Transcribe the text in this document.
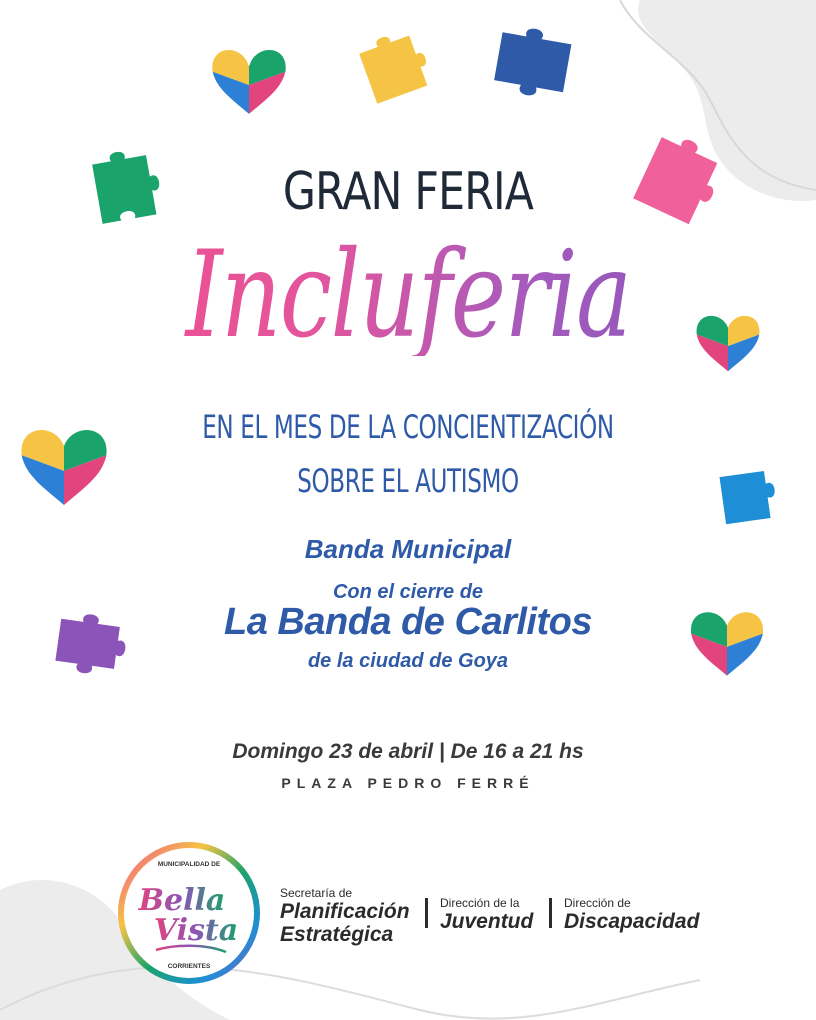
GRAN FERIA
Incluferia
EN EL MES DE LA CONCIENTIZACIÓN
SOBRE EL AUTISMO
Banda Municipal
Con el cierre de
La Banda de Carlitos
de la ciudad de Goya
Domingo 23 de abril | De 16 a 21 hs
PLAZA PEDRO FERRÉ
MUNICIPALIDAD DE
Bella
Vista
CORRIENTES
Secretaría de
Planificación
Estratégica
Dirección de la
Juventud
Dirección de
Discapacidad
